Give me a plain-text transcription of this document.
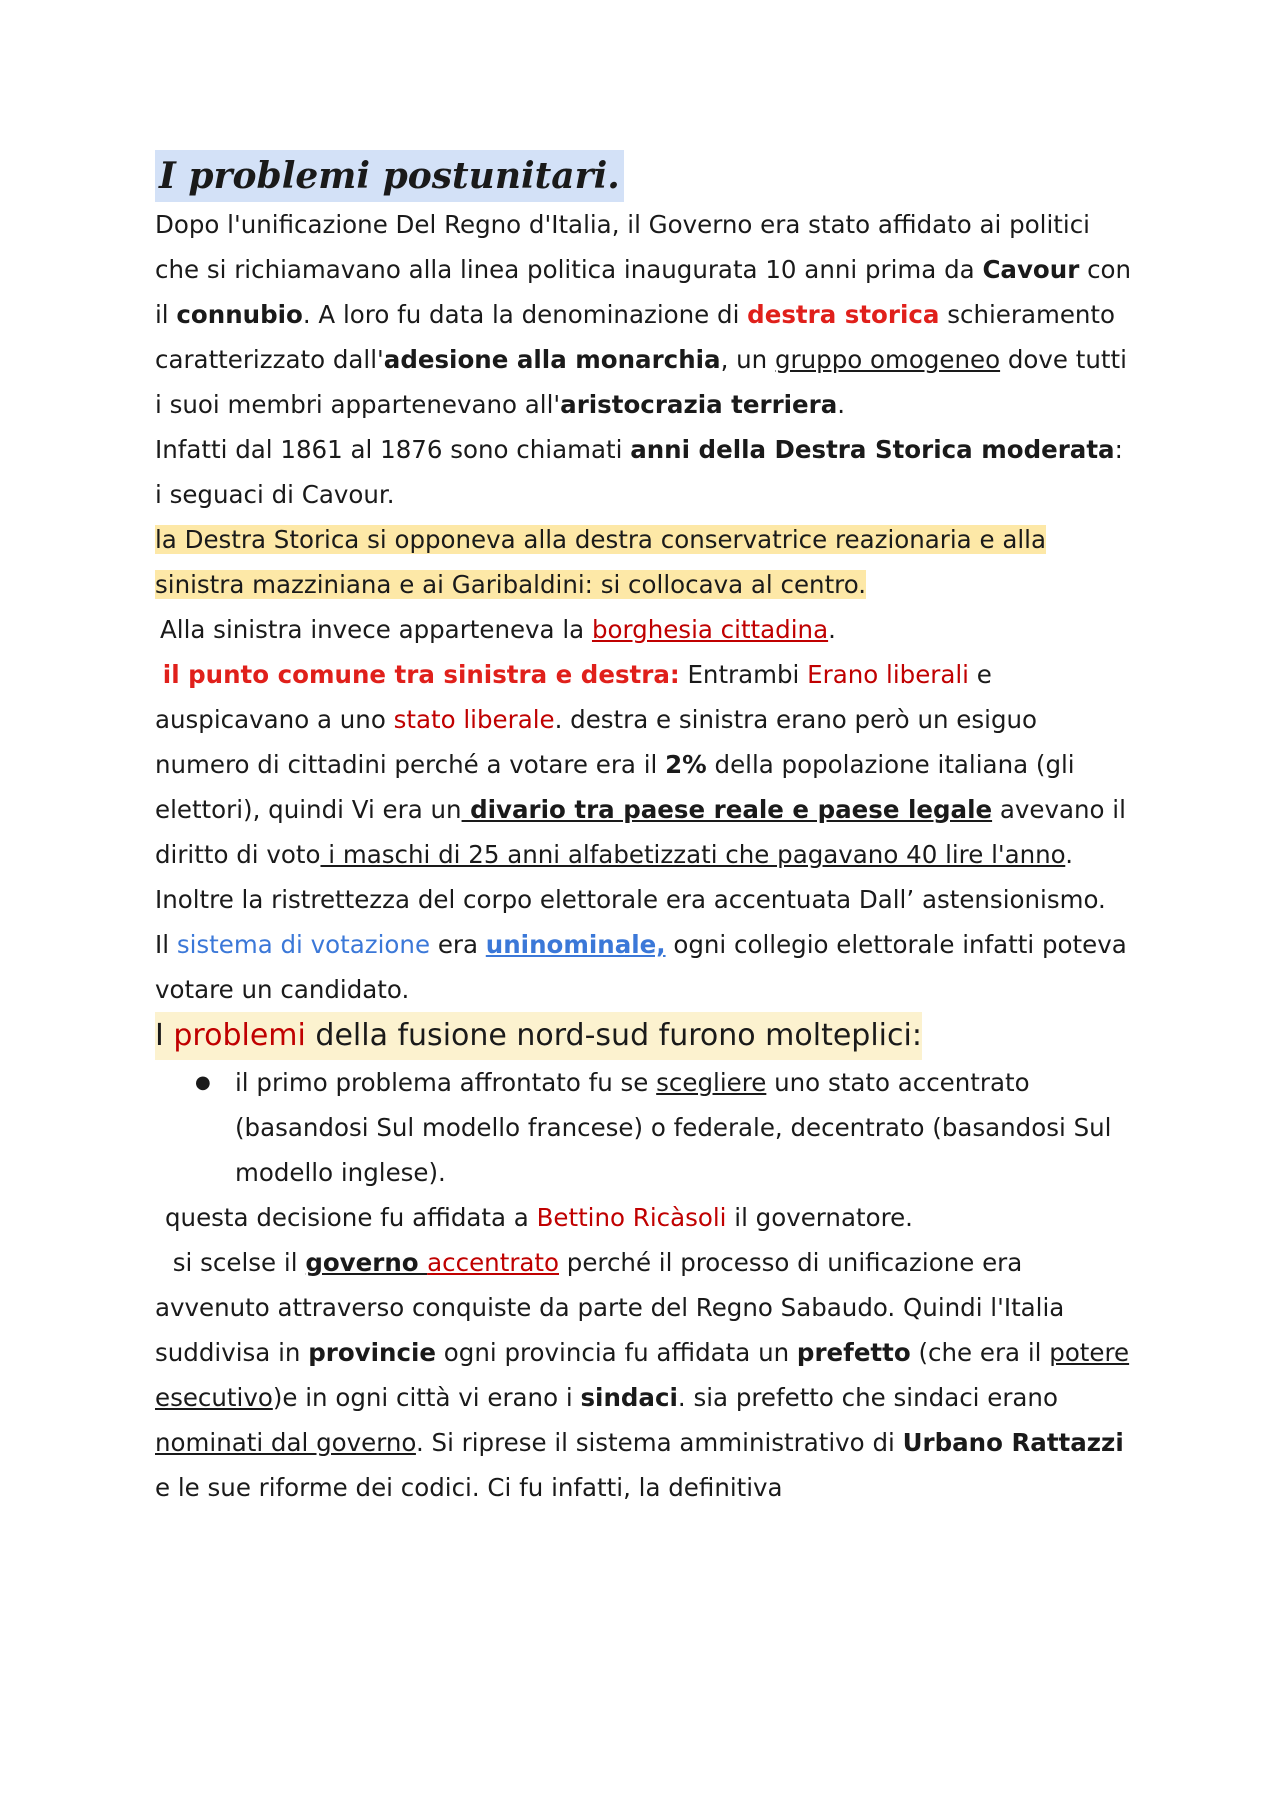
I problemi postunitari.

Dopo l'unificazione Del Regno d'Italia, il Governo era stato affidato ai politici che si richiamavano alla linea politica inaugurata 10 anni prima da Cavour con il connubio. A loro fu data la denominazione di destra storica schieramento caratterizzato dall'adesione alla monarchia, un gruppo omogeneo dove tutti i suoi membri appartenevano all'aristocrazia terriera.

Infatti dal 1861 al 1876 sono chiamati anni della Destra Storica moderata: i seguaci di Cavour.

la Destra Storica si opponeva alla destra conservatrice reazionaria e alla sinistra mazziniana e ai Garibaldini: si collocava al centro.

Alla sinistra invece apparteneva la borghesia cittadina.

il punto comune tra sinistra e destra: Entrambi Erano liberali e auspicavano a uno stato liberale. destra e sinistra erano però un esiguo numero di cittadini perché a votare era il 2% della popolazione italiana (gli elettori), quindi Vi era un divario tra paese reale e paese legale avevano il diritto di voto i maschi di 25 anni alfabetizzati che pagavano 40 lire l'anno. Inoltre la ristrettezza del corpo elettorale era accentuata Dall’ astensionismo.

Il sistema di votazione era uninominale, ogni collegio elettorale infatti poteva votare un candidato.

I problemi della fusione nord-sud furono molteplici:

● il primo problema affrontato fu se scegliere uno stato accentrato (basandosi Sul modello francese) o federale, decentrato (basandosi Sul modello inglese).

questa decisione fu affidata a Bettino Ricàsoli il governatore.

si scelse il governo accentrato perché il processo di unificazione era avvenuto attraverso conquiste da parte del Regno Sabaudo. Quindi l'Italia suddivisa in provincie ogni provincia fu affidata un prefetto (che era il potere esecutivo)e in ogni città vi erano i sindaci. sia prefetto che sindaci erano nominati dal governo. Si riprese il sistema amministrativo di Urbano Rattazzi e le sue riforme dei codici. Ci fu infatti, la definitiva
